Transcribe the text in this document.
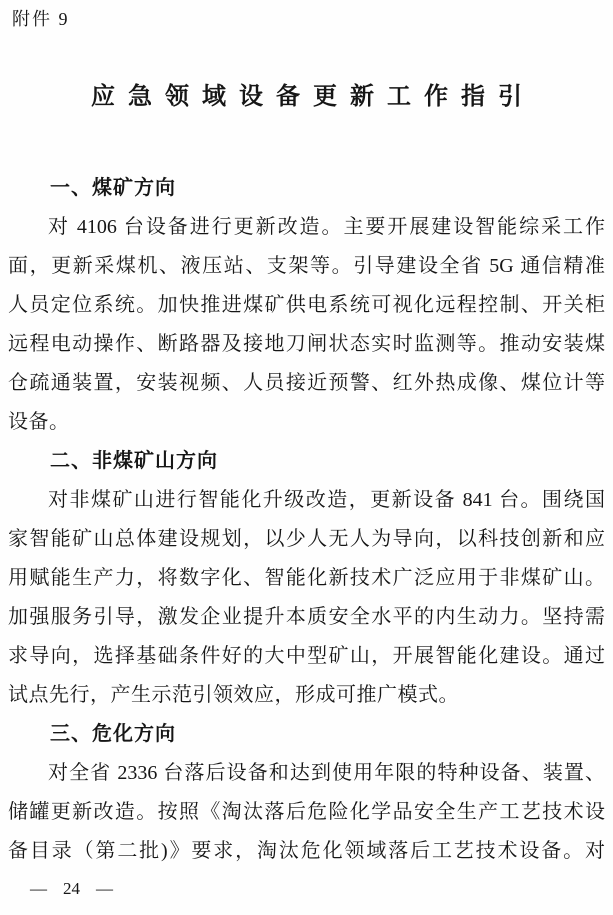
附件 9
应急领域设备更新工作指引
一、煤矿方向
对 4106 台设备进行更新改造。主要开展建设智能综采工作
面，更新采煤机、液压站、支架等。引导建设全省 5G 通信精准
人员定位系统。加快推进煤矿供电系统可视化远程控制、开关柜
远程电动操作、断路器及接地刀闸状态实时监测等。推动安装煤
仓疏通装置，安装视频、人员接近预警、红外热成像、煤位计等
设备。
二、非煤矿山方向
对非煤矿山进行智能化升级改造，更新设备 841 台。围绕国
家智能矿山总体建设规划，以少人无人为导向，以科技创新和应
用赋能生产力，将数字化、智能化新技术广泛应用于非煤矿山。
加强服务引导，激发企业提升本质安全水平的内生动力。坚持需
求导向，选择基础条件好的大中型矿山，开展智能化建设。通过
试点先行，产生示范引领效应，形成可推广模式。
三、危化方向
对全省 2336 台落后设备和达到使用年限的特种设备、装置、
储罐更新改造。按照《淘汰落后危险化学品安全生产工艺技术设
备目录（第二批)》要求，淘汰危化领域落后工艺技术设备。对
— 24 —
